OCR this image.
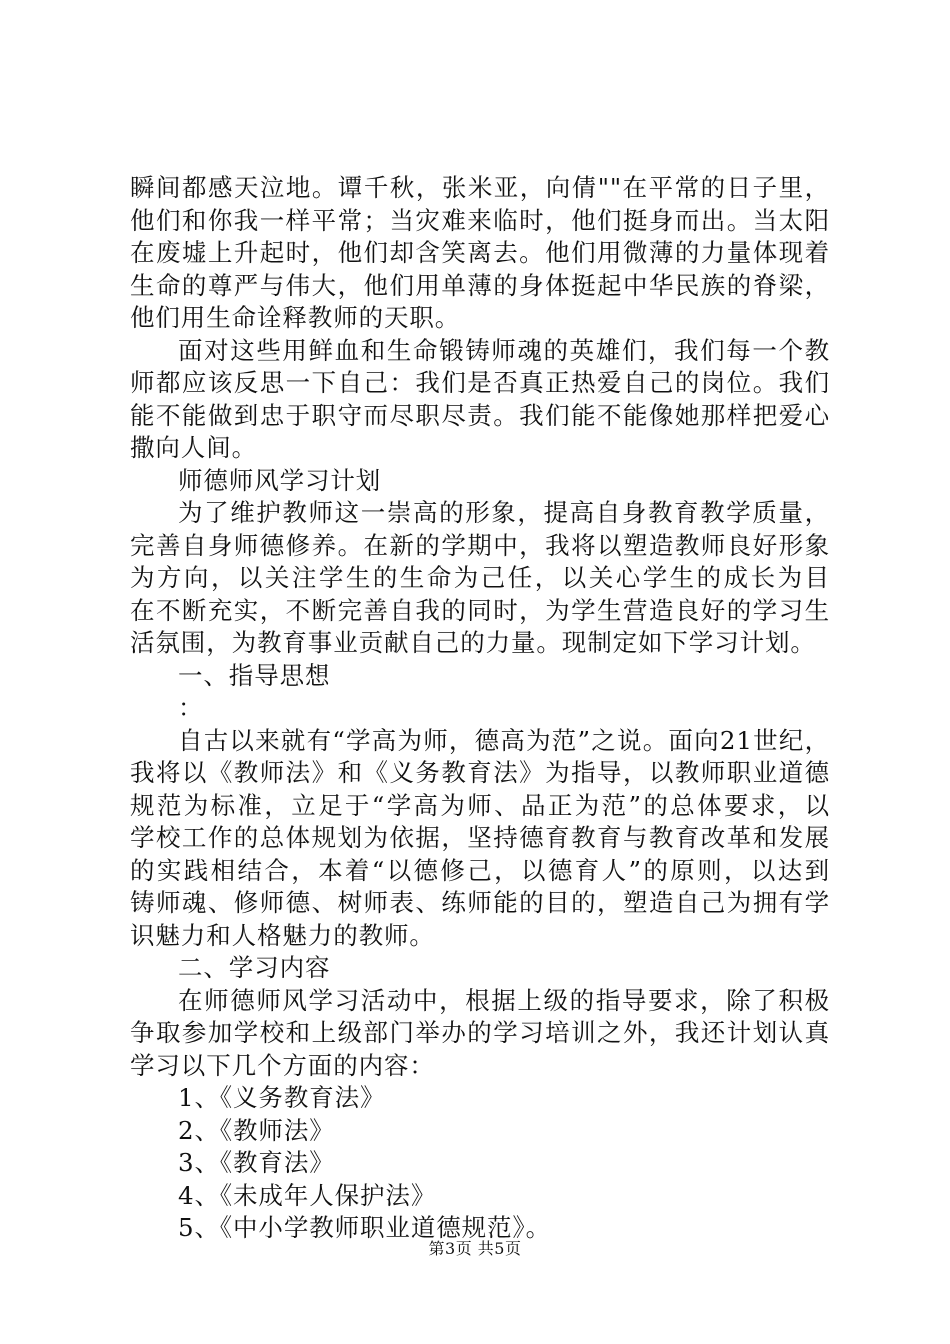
瞬间都感天泣地。谭千秋，张米亚，向倩""在平常的日子里，
他们和你我一样平常；当灾难来临时，他们挺身而出。当太阳
在废墟上升起时，他们却含笑离去。他们用微薄的力量体现着
生命的尊严与伟大，他们用单薄的身体挺起中华民族的脊梁，
他们用生命诠释教师的天职。
面对这些用鲜血和生命锻铸师魂的英雄们，我们每一个教
师都应该反思一下自己：我们是否真正热爱自己的岗位。我们
能不能做到忠于职守而尽职尽责。我们能不能像她那样把爱心
撒向人间。
师德师风学习计划
为了维护教师这一崇高的形象，提高自身教育教学质量，
完善自身师德修养。在新的学期中，我将以塑造教师良好形象
为方向，以关注学生的生命为己任，以关心学生的成长为目
在不断充实，不断完善自我的同时，为学生营造良好的学习生
活氛围，为教育事业贡献自己的力量。现制定如下学习计划。
一、指导思想
：
自古以来就有“学高为师，德高为范”之说。面向21世纪，
我将以《教师法》和《义务教育法》为指导，以教师职业道德
规范为标准，立足于“学高为师、品正为范”的总体要求，以
学校工作的总体规划为依据，坚持德育教育与教育改革和发展
的实践相结合，本着“以德修己，以德育人”的原则，以达到
铸师魂、修师德、树师表、练师能的目的，塑造自己为拥有学
识魅力和人格魅力的教师。
二、学习内容
在师德师风学习活动中，根据上级的指导要求，除了积极
争取参加学校和上级部门举办的学习培训之外，我还计划认真
学习以下几个方面的内容：
1、《义务教育法》
2、《教师法》
3、《教育法》
4、《未成年人保护法》
5、《中小学教师职业道德规范》。
第3页 共5页
